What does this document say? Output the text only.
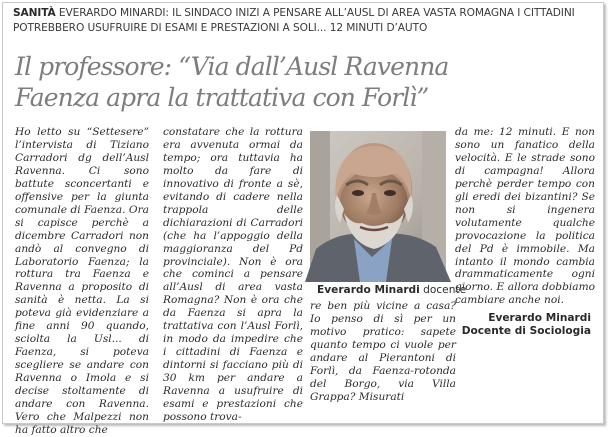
SANITÀ EVERARDO MINARDI: IL SINDACO INIZI A PENSARE ALL’AUSL DI AREA VASTA ROMAGNA I CITTADINI POTREBBERO USUFRUIRE DI ESAMI E PRESTAZIONI A SOLI... 12 MINUTI D’AUTO
Il professore: “Via dall’Ausl Ravenna
Faenza apra la trattativa con Forlì”

Ho letto su “Settesere” l’intervista di Tiziano Carradori dg dell’Ausl Ravenna. Ci sono battute sconcertanti e offensive per la giunta comunale di Faenza. Ora si capisce perchè a dicembre Carradori non andò al convegno di Laboratorio Faenza; la rottura tra Faenza e Ravenna a proposito di sanità è netta. La si poteva già evidenziare a fine anni 90 quando, sciolta la Usl... di Faenza, si poteva scegliere se andare con Ravenna o Imola e si decise stoltamente di andare con Ravenna. Vero che Malpezzi non ha fatto altro che

constatare che la rottura era avvenuta ormai da tempo; ora tuttavia ha molto da fare di innovativo di fronte a sè, evitando di cadere nella trappola delle dichiarazioni di Carradori (che ha l’appoggio della maggioranza del Pd provinciale). Non è ora che cominci a pensare all’Ausl di area vasta Romagna? Non è ora che da Faenza si apra la trattativa con l’Ausl Forlì, in modo da impedire che i cittadini di Faenza e dintorni si facciano più di 30 km per andare a Ravenna a usufruire di esami e prestazioni che possono trova-

Everardo Minardi docente

re ben più vicine a casa? Io penso di sì per un motivo pratico: sapete quanto tempo ci vuole per andare al Pierantoni di Forlì, da Faenza-rotonda del Borgo, via Villa Grappa? Misurati

da me: 12 minuti. E non sono un fanatico della velocità. E le strade sono di campagna! Allora perchè perder tempo con gli eredi dei bizantini? Se non si ingenera volutamente qualche provocazione la politica del Pd è immobile. Ma intanto il mondo cambia drammaticamente ogni giorno. E allora dobbiamo cambiare anche noi.

Everardo Minardi
Docente di Sociologia
